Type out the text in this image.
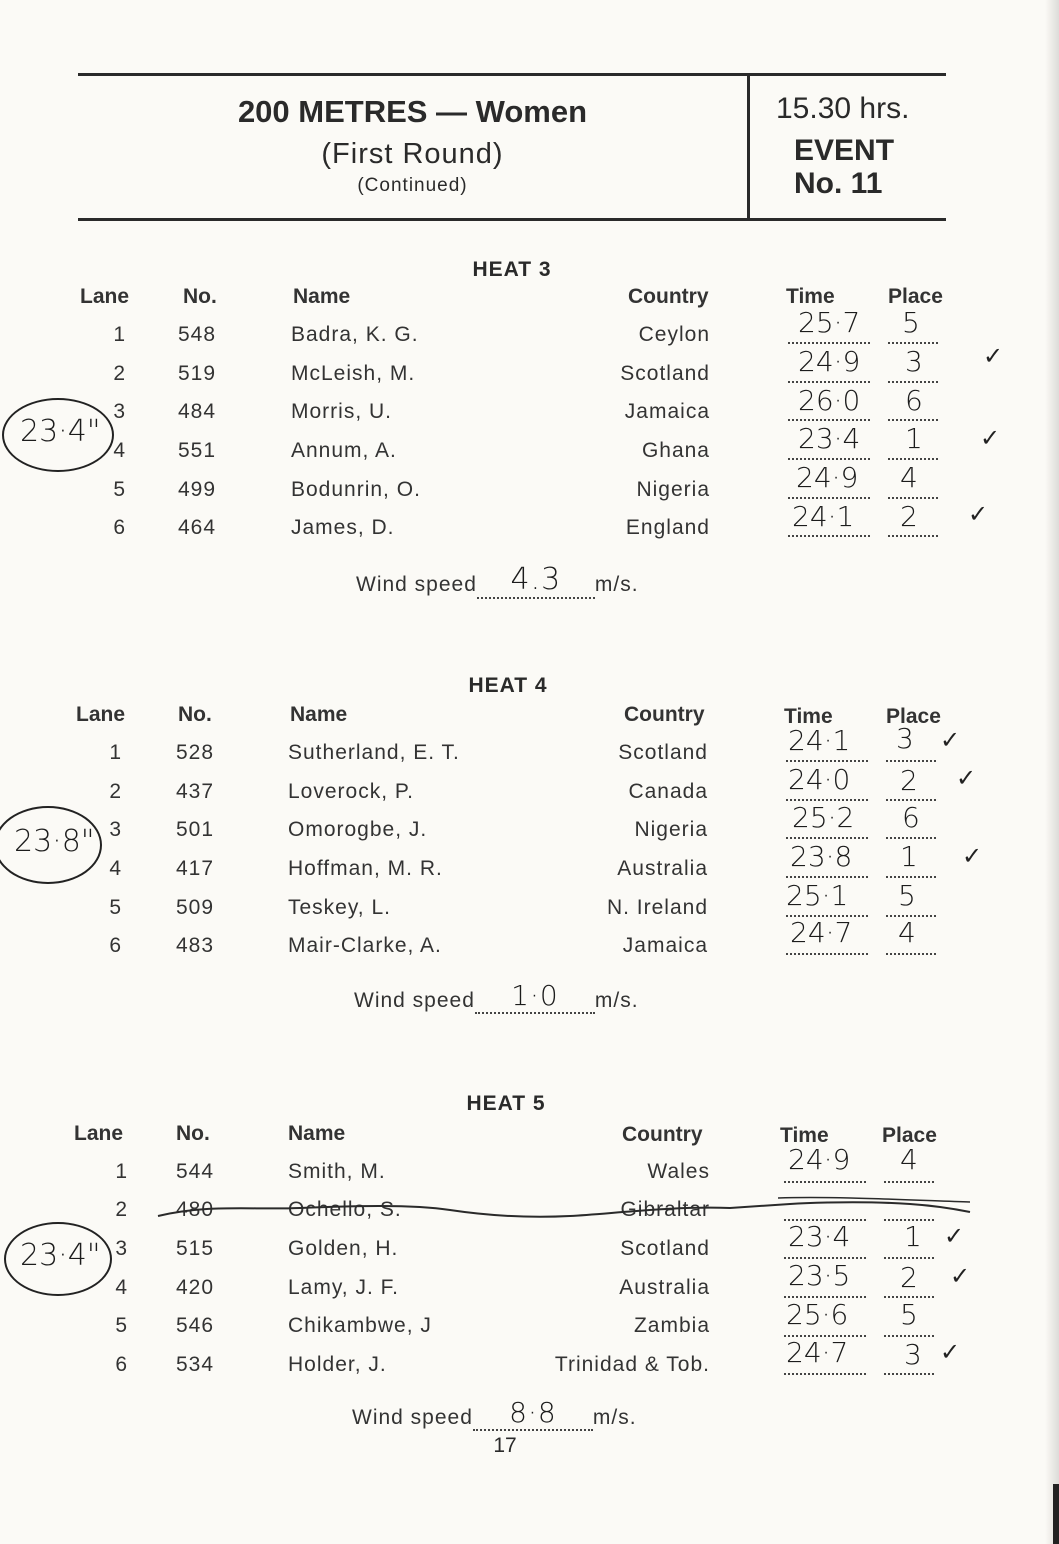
200 METRES — Women
(First Round)
(Continued)
15.30 hrs.
EVENT
No. 11
HEAT 3
Lane	No.	Name	Country	Time	Place
1 548	Badra, K. G.	Ceylon	25·7 5
2 519	McLeish, M.	Scotland	24·9 3	✓
3 484	Morris, U.	Jamaica	26·0 6
4 551	Annum, A.	Ghana	23·4 1 ✓
5 499	Bodunrin, O.	Nigeria	24·9 4
6 464	James, D.	England	24·1 2 ✓
Wind speed 4.3 m/s.
23·4"
HEAT 4
Lane	No.	Name	Country	Time	Place
1	528	Sutherland, E. T.	Scotland	24·1 3 ✓
2	437	Loverock, P.	Canada	24·0 2 ✓
3	501	Omorogbe, J.	Nigeria	25·2 6
4	417	Hoffman, M. R.	Australia	23·8 1 ✓
5	509	Teskey, L.	N. Ireland	25·1 5
6	483	Mair-Clarke, A.	Jamaica	24·7 4
Wind speed 1·0 m/s.
23·8"
HEAT 5
Lane	No.	Name	Country	Time	Place
1 544	Smith, M.	Wales	24·9 4
2 480	Ochello, S.	Gibraltar
3 515	Golden, H.	Scotland	23·4 1 ✓
4 420	Lamy, J. F.	Australia	23·5 2 ✓
5 546	Chikambwe, J	Zambia	25·6 5
6 534	Holder, J.	Trinidad & Tob.	24·7 3 ✓
Wind speed 8·8 m/s.
23·4"
17
